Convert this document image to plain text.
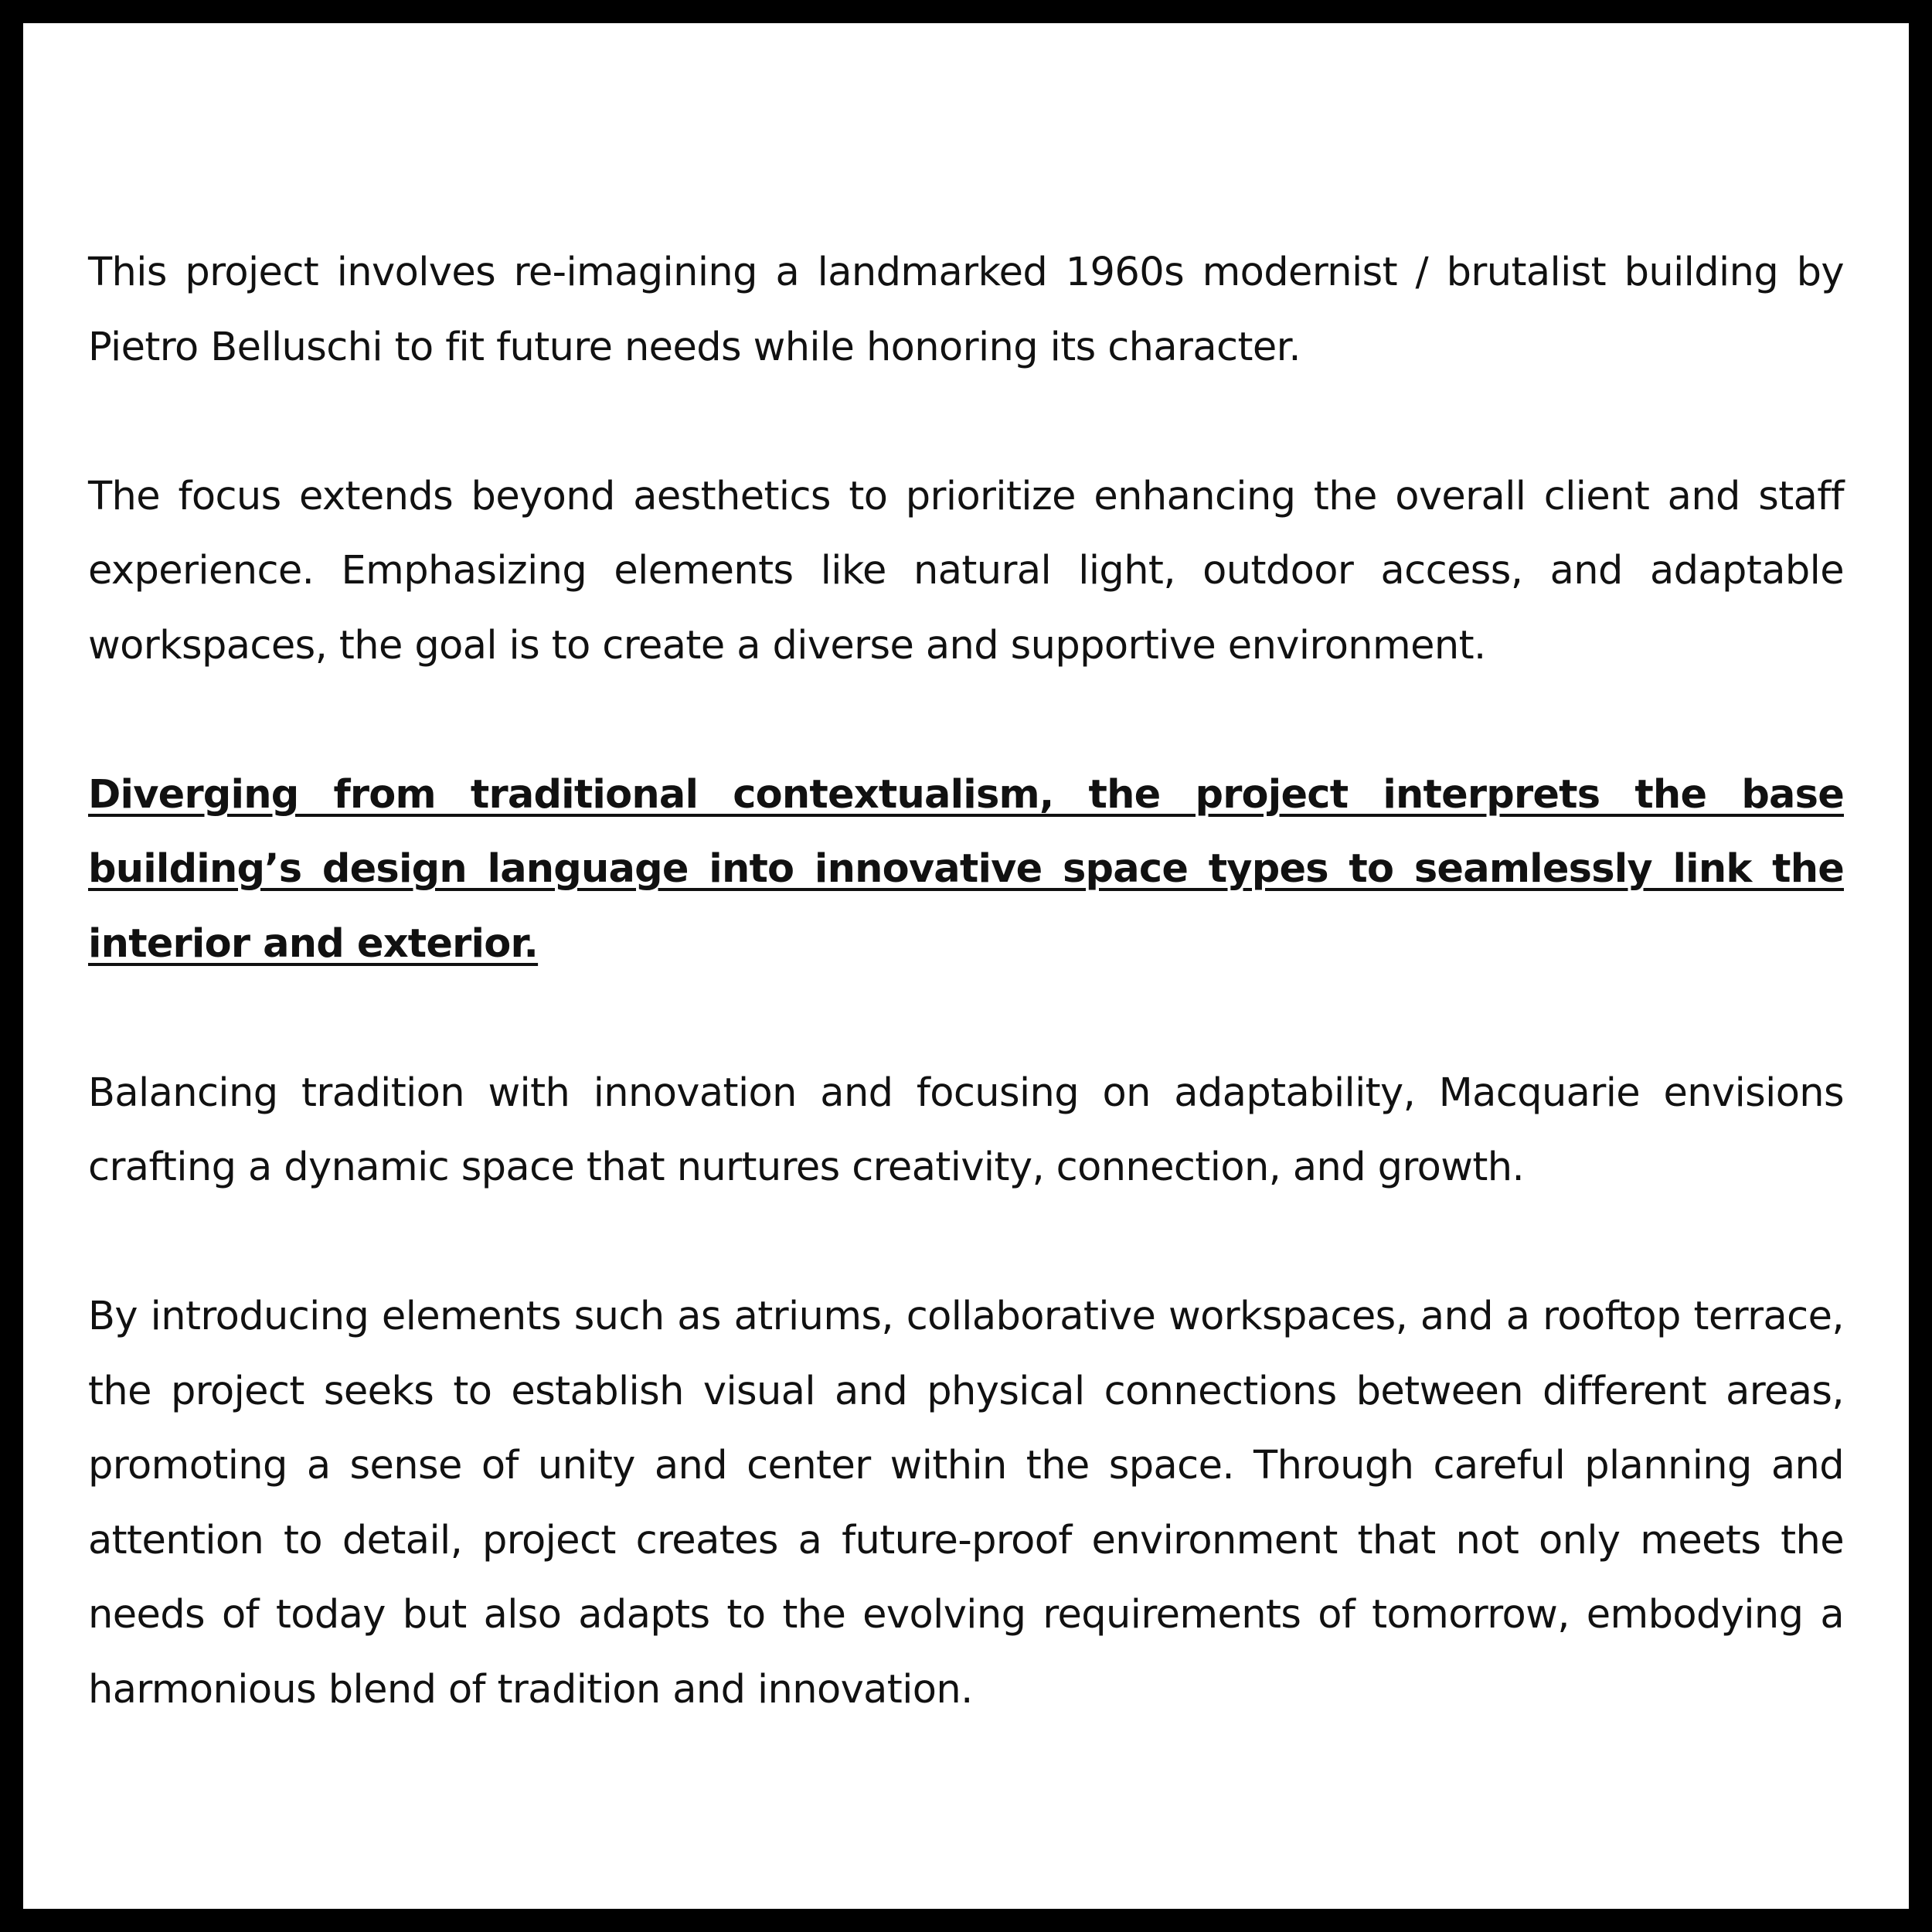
This project involves re-imagining a landmarked 1960s modernist / brutalist building by Pietro Belluschi to fit future needs while honoring its character.

The focus extends beyond aesthetics to prioritize enhancing the overall client and staff experience. Emphasizing elements like natural light, outdoor access, and adaptable workspaces, the goal is to create a diverse and supportive environment.

Diverging from traditional contextualism, the project interprets the base building’s design language into innovative space types to seamlessly link the interior and exterior.

Balancing tradition with innovation and focusing on adaptability, Macquarie envisions crafting a dynamic space that nurtures creativity, connection, and growth.

By introducing elements such as atriums, collaborative workspaces, and a rooftop terrace, the project seeks to establish visual and physical connections between different areas, promoting a sense of unity and center within the space. Through careful planning and attention to detail, project creates a future-proof environment that not only meets the needs of today but also adapts to the evolving requirements of tomorrow, embodying a harmonious blend of tradition and innovation.
